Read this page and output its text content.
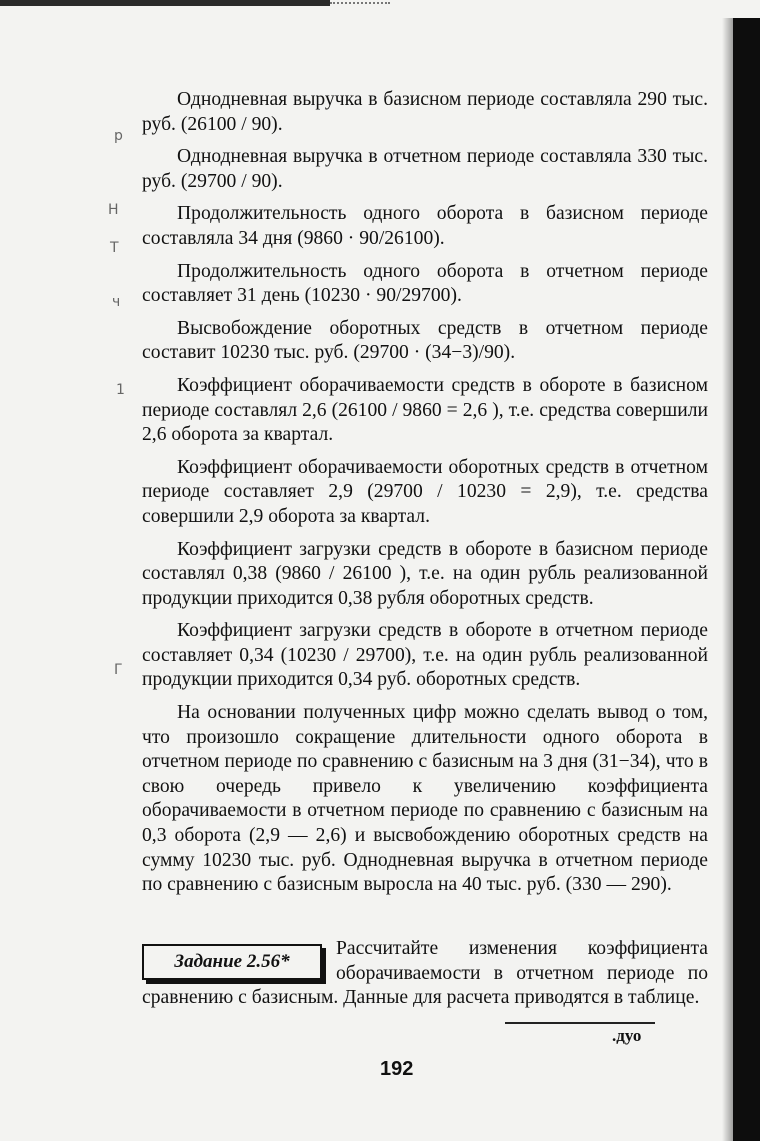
р
Н
Т
ч
1
Г

Однодневная выручка в базисном периоде составляла 290 тыс. руб. (26100 / 90).

Однодневная выручка в отчетном периоде составляла 330 тыс. руб. (29700 / 90).

Продолжительность одного оборота в базисном периоде составляла 34 дня (9860 · 90/26100).

Продолжительность одного оборота в отчетном периоде составляет 31 день (10230 · 90/29700).

Высвобождение оборотных средств в отчетном периоде составит 10230 тыс. руб. (29700 · (34−3)/90).

Коэффициент оборачиваемости средств в обороте в базисном периоде составлял 2,6 (26100 / 9860 = 2,6 ), т.е. средства совершили 2,6 оборота за квартал.

Коэффициент оборачиваемости оборотных средств в отчетном периоде составляет 2,9 (29700 / 10230 = 2,9), т.е. средства совершили 2,9 оборота за квартал.

Коэффициент загрузки средств в обороте в базисном периоде составлял 0,38 (9860 / 26100 ), т.е. на один рубль реализованной продукции приходится 0,38 рубля оборотных средств.

Коэффициент загрузки средств в обороте в отчетном периоде составляет 0,34 (10230 / 29700), т.е. на один рубль реализованной продукции приходится 0,34 руб. оборотных средств.

На основании полученных цифр можно сделать вывод о том, что произошло сокращение длительности одного оборота в отчетном периоде по сравнению с базисным на 3 дня (31−34), что в свою очередь привело к увеличению коэффициента оборачиваемости в отчетном периоде по сравнению с базисным на 0,3 оборота (2,9 — 2,6) и высвобождению оборотных средств на сумму 10230 тыс. руб. Однодневная выручка в отчетном периоде по сравнению с базисным выросла на 40 тыс. руб. (330 — 290).

Задание 2.56*
Рассчитайте изменения коэффициента оборачиваемости в отчетном периоде по сравнению с базисным. Данные для расчета приводятся в таблице.
.дуо
192
